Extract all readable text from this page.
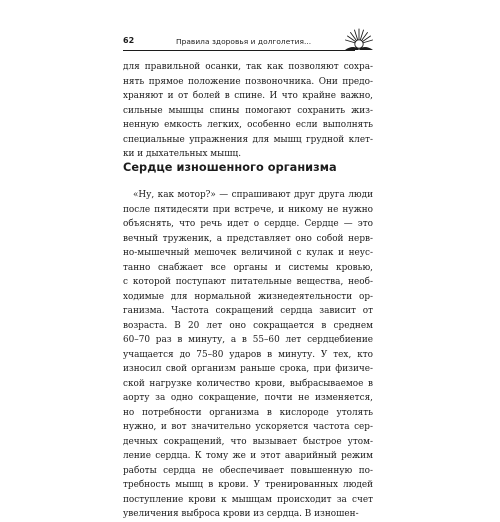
62	Правила здоровья и долголетия...
для правильной осанки, так как позволяют сохра-
нять прямое положение позвоночника. Они предо-
храняют и от болей в спине. И что крайне важно,
сильные мышцы спины помогают сохранить жиз-
ненную емкость легких, особенно если выполнять
специальные упражнения для мышц грудной клет-
ки и дыхательных мышц.
Сердце изношенного организма
«Ну, как мотор?» — спрашивают друг друга люди
после пятидесяти при встрече, и никому не нужно
объяснять, что речь идет о сердце. Сердце — это
вечный труженик, а представляет оно собой нерв-
но-мышечный мешочек величиной с кулак и неус-
танно снабжает все органы и системы кровью,
с которой поступают питательные вещества, необ-
ходимые для нормальной жизнедеятельности ор-
ганизма. Частота сокращений сердца зависит от
возраста. В 20 лет оно сокращается в среднем
60–70 раз в минуту, а в 55–60 лет сердцебиение
учащается до 75–80 ударов в минуту. У тех, кто
износил свой организм раньше срока, при физиче-
ской нагрузке количество крови, выбрасываемое в
аорту за одно сокращение, почти не изменяется,
но потребности организма в кислороде утолять
нужно, и вот значительно ускоряется частота сер-
дечных сокращений, что вызывает быстрое утом-
ление сердца. К тому же и этот аварийный режим
работы сердца не обеспечивает повышенную по-
требность мышц в крови. У тренированных людей
поступление крови к мышцам происходит за счет
увеличения выброса крови из сердца. В изношен-
